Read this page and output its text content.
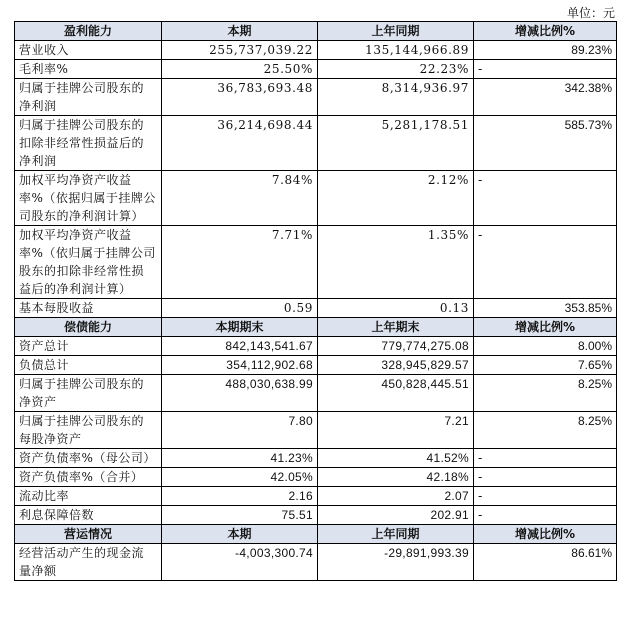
单位：元
盈利能力	本期	上年同期	增减比例%
营业收入	255,737,039.22	135,144,966.89	89.23%
毛利率%	25.50%	22.23%	-
归属于挂牌公司股东的
净利润	36,783,693.48	8,314,936.97	342.38%
归属于挂牌公司股东的
扣除非经常性损益后的
净利润	36,214,698.44	5,281,178.51	585.73%
加权平均净资产收益
率%（依据归属于挂牌公
司股东的净利润计算）	7.84%	2.12%	-
加权平均净资产收益
率%（依归属于挂牌公司
股东的扣除非经常性损
益后的净利润计算）	7.71%	1.35%	-
基本每股收益	0.59	0.13	353.85%
偿债能力	本期期末	上年期末	增减比例%
资产总计	842,143,541.67	779,774,275.08	8.00%
负债总计	354,112,902.68	328,945,829.57	7.65%
归属于挂牌公司股东的
净资产	488,030,638.99	450,828,445.51	8.25%
归属于挂牌公司股东的
每股净资产	7.80	7.21	8.25%
资产负债率%（母公司）	41.23%	41.52%	-
资产负债率%（合并）	42.05%	42.18%	-
流动比率	2.16	2.07	-
利息保障倍数	75.51	202.91	-
营运情况	本期	上年同期	增减比例%
经营活动产生的现金流
量净额	-4,003,300.74	-29,891,993.39	86.61%
